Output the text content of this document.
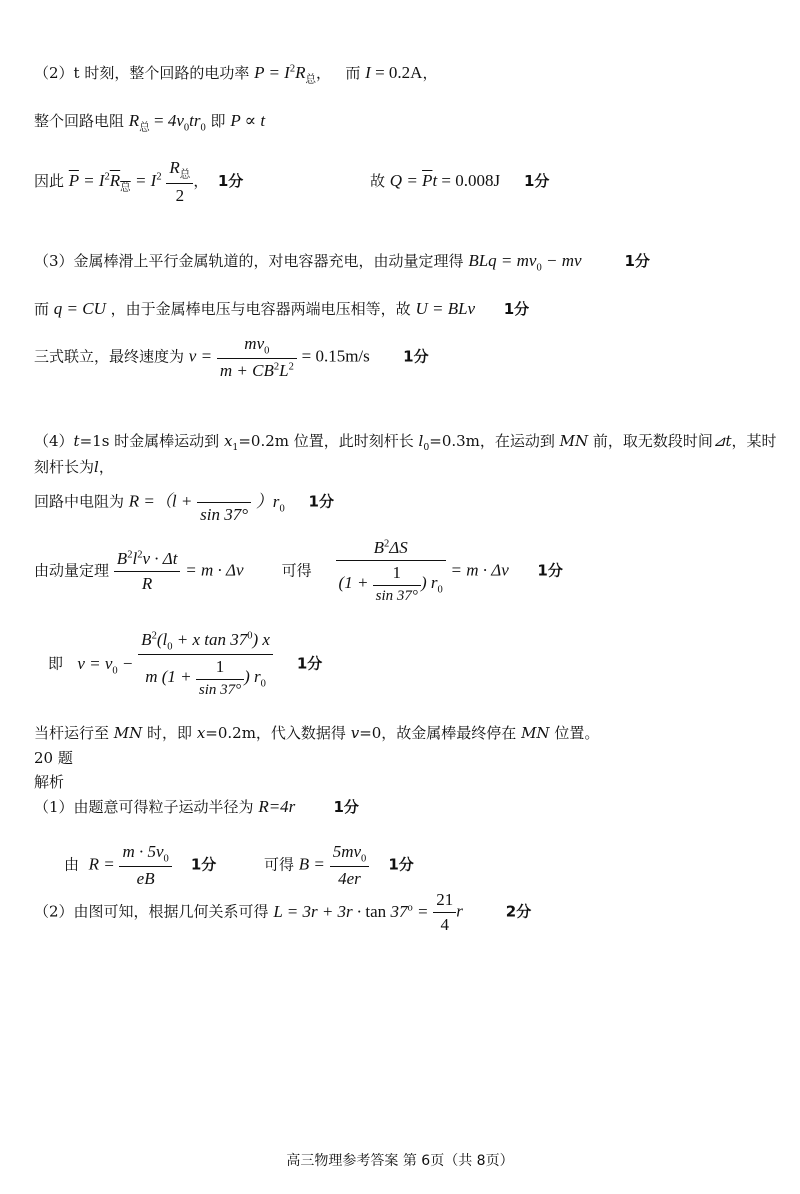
（2）t 时刻，整个回路的电功率 $P = I^2R_总$， 而 I = 0.2A，
整个回路电阻 $R_总 = 4v_0tr_0$ 即 P ∝ t
因此 $\overline{P} = I^2R_总 = I^2 \frac{R_总}{2}$ ， 1分	故 $Q = \overline{P}t = 0.008J$ 1分
（3）金属棒滑上平行金属轨道的，对电容器充电，由动量定理得 BLq = $mv_0$ − mv	1分
而 q = CU ，由于金属棒电压与电容器两端电压相等，故 U = BLv 1分
三式联立，最终速度为 $v = \frac{mv_0}{m + CB^2L^2} = 0.15m/s$ 1分
（4）t=1s 时金属棒运动到 $x_1=0.2m$ 位置，此时刻杆长 $l_0=0.3m$，在运动到 MN 前，取无数段时间⊿t，某时
刻杆长为l，
回路中电阻为 R =（l +

sin 37°
）$r_0$ 1分
由动量定理 $\frac{B^2l^2v \cdot \Delta t}{R} = m \cdot \Delta v$	可得 $\frac{B^2\Delta S}{(1 + \frac{1}{\sin 37^\circ} ) r_0} = m \cdot \Delta v$ 1分
即 $v = v_0 - \frac{B^2(l_0 + x \tan 37^0) x}{m (1 + \frac{1}{\sin 37^\circ} ) r_0} 1$分
当杆运行至 MN 时，即 x=0.2m，代入数据得 v=0，故金属棒最终停在 MN 位置。
20 题
解析
（1）由题意可得粒子运动半径为 R=4r	1分
由 $R = \frac{m \cdot 5v_0}{eB} 1$分	可得 $B = \frac{5mv_0}{4er} 1$分
（2）由图可知，根据几何关系可得 $L = 3r + 3r \cdot \tan 37^o = \frac{21}{4}$ r	2分
高三物理参考答案 第 6页（共 8页）
